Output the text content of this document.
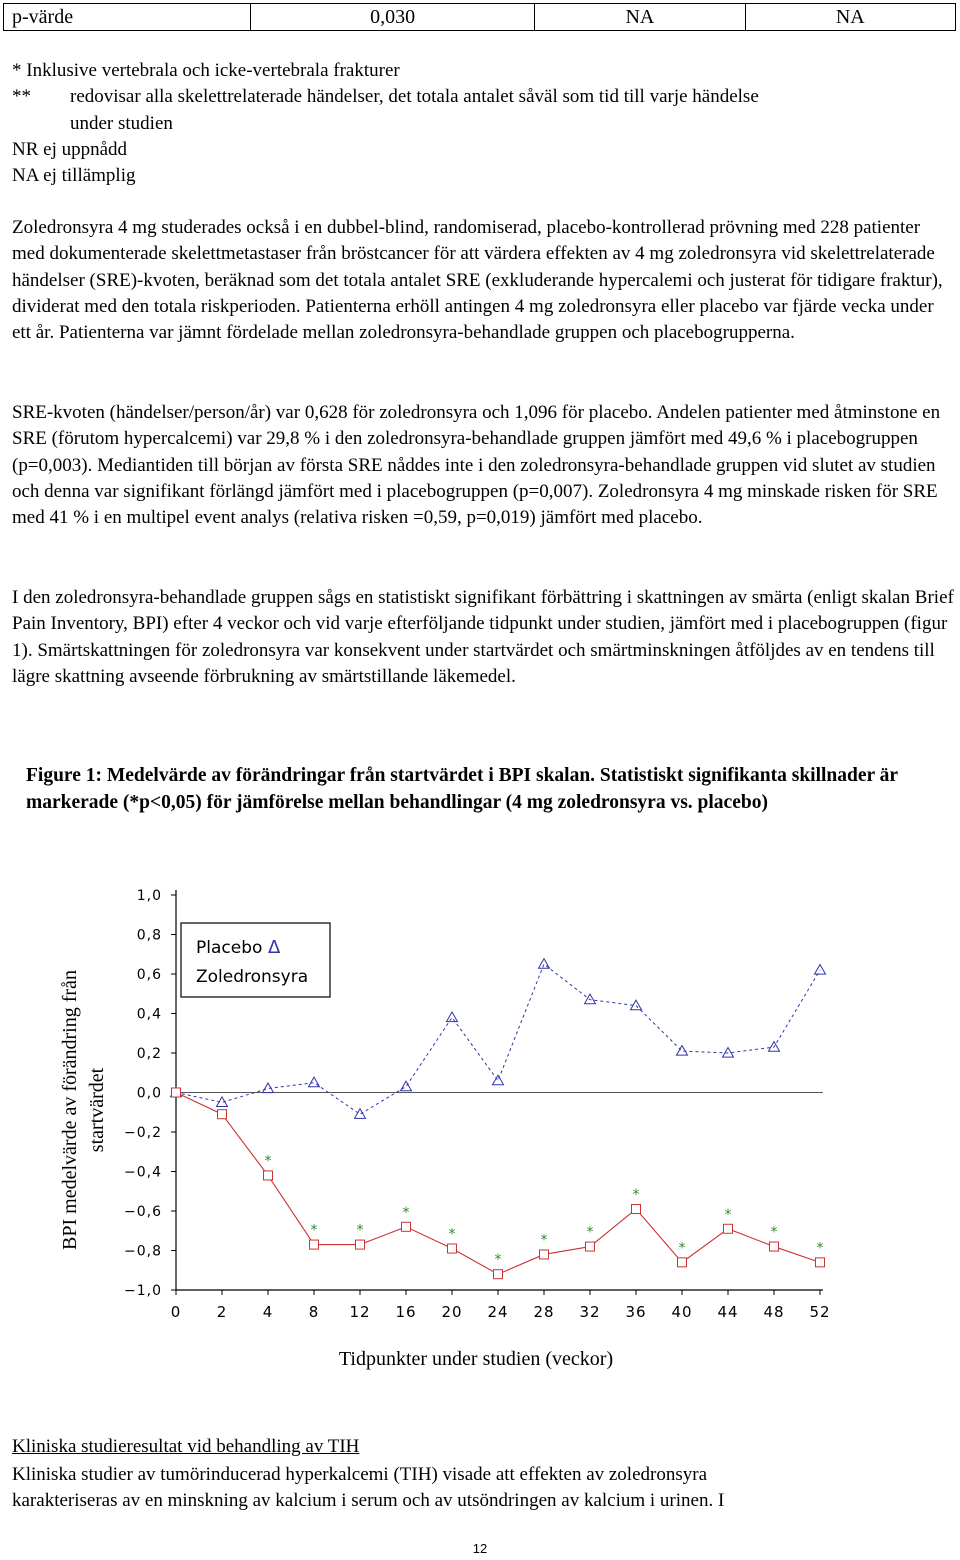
p-värde	0,030	NA	NA
* Inklusive vertebrala och icke-vertebrala frakturer
** redovisar alla skelettrelaterade händelser, det totala antalet såväl som tid till varje händelse
under studien
NR ej uppnådd
NA ej tillämplig
Zoledronsyra 4 mg studerades också i en dubbel-blind, randomiserad, placebo-kontrollerad prövning med 228 patienter med dokumenterade skelettmetastaser från bröstcancer för att värdera effekten av 4 mg zoledronsyra vid skelettrelaterade händelser (SRE)-kvoten, beräknad som det totala antalet SRE (exkluderande hypercalemi och justerat för tidigare fraktur), dividerat med den totala riskperioden. Patienterna erhöll antingen 4 mg zoledronsyra eller placebo var fjärde vecka under ett år. Patienterna var jämnt fördelade mellan zoledronsyra-behandlade gruppen och placebogrupperna.
SRE-kvoten (händelser/person/år) var 0,628 för zoledronsyra och 1,096 för placebo. Andelen patienter med åtminstone en SRE (förutom hypercalcemi) var 29,8 % i den zoledronsyra-behandlade gruppen jämfört med 49,6 % i placebogruppen (p=0,003). Mediantiden till början av första SRE nåddes inte i den zoledronsyra-behandlade gruppen vid slutet av studien och denna var signifikant förlängd jämfört med i placebogruppen (p=0,007). Zoledronsyra 4 mg minskade risken för SRE med 41 % i en multipel event analys (relativa risken =0,59, p=0,019) jämfört med placebo.
I den zoledronsyra-behandlade gruppen sågs en statistiskt signifikant förbättring i skattningen av smärta (enligt skalan Brief Pain Inventory, BPI) efter 4 veckor och vid varje efterföljande tidpunkt under studien, jämfört med i placebogruppen (figur 1). Smärtskattningen för zoledronsyra var konsekvent under startvärdet och smärtminskningen åtföljdes av en tendens till lägre skattning avseende förbrukning av smärtstillande läkemedel.
Figure 1: Medelvärde av förändringar från startvärdet i BPI skalan. Statistiskt signifikanta skillnader är markerade (*p<0,05) för jämförelse mellan behandlingar (4 mg zoledronsyra vs. placebo)
1,0
0,8
0,6
0,4
0,2
0,0
−0,2
−0,4
−0,6
−0,8
−1,0
0 2 4 8 12 16 20 24 28 32 36 40 44 48 52
*
*	*
*
*
*
*	*
*
*
*
*
*
Placebo Δ
Zoledronsyra
Tidpunkter under studien (veckor)
BPI medelvärde av förändring från startvärdet
Kliniska studieresultat vid behandling av TIH
Kliniska studier av tumörinducerad hyperkalcemi (TIH) visade att effekten av zoledronsyra
karakteriseras av en minskning av kalcium i serum och av utsöndringen av kalcium i urinen. I
12
